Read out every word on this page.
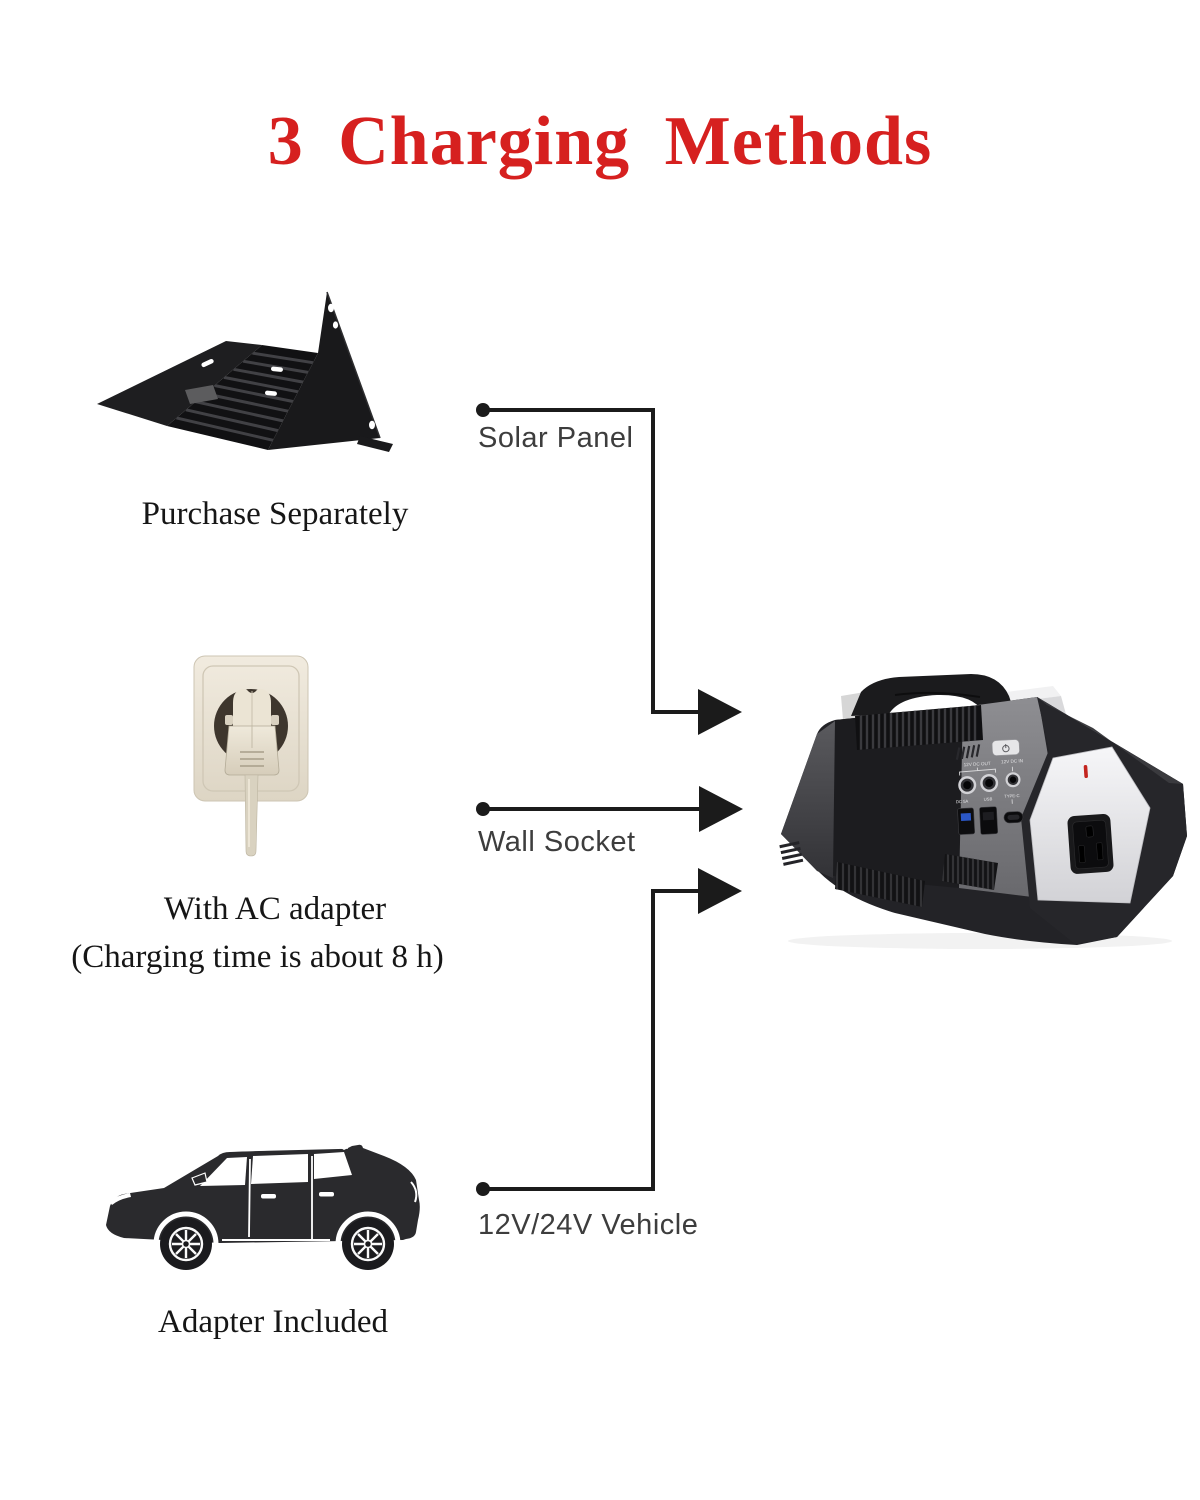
3 Charging Methods
Solar Panel
Purchase Separately
Wall Socket
With AC adapter
(Charging time is about 8 h)
12V/24V Vehicle
Adapter Included
12V DC OUT 12V DC IN
DC 5A	USB
TYPE-C
